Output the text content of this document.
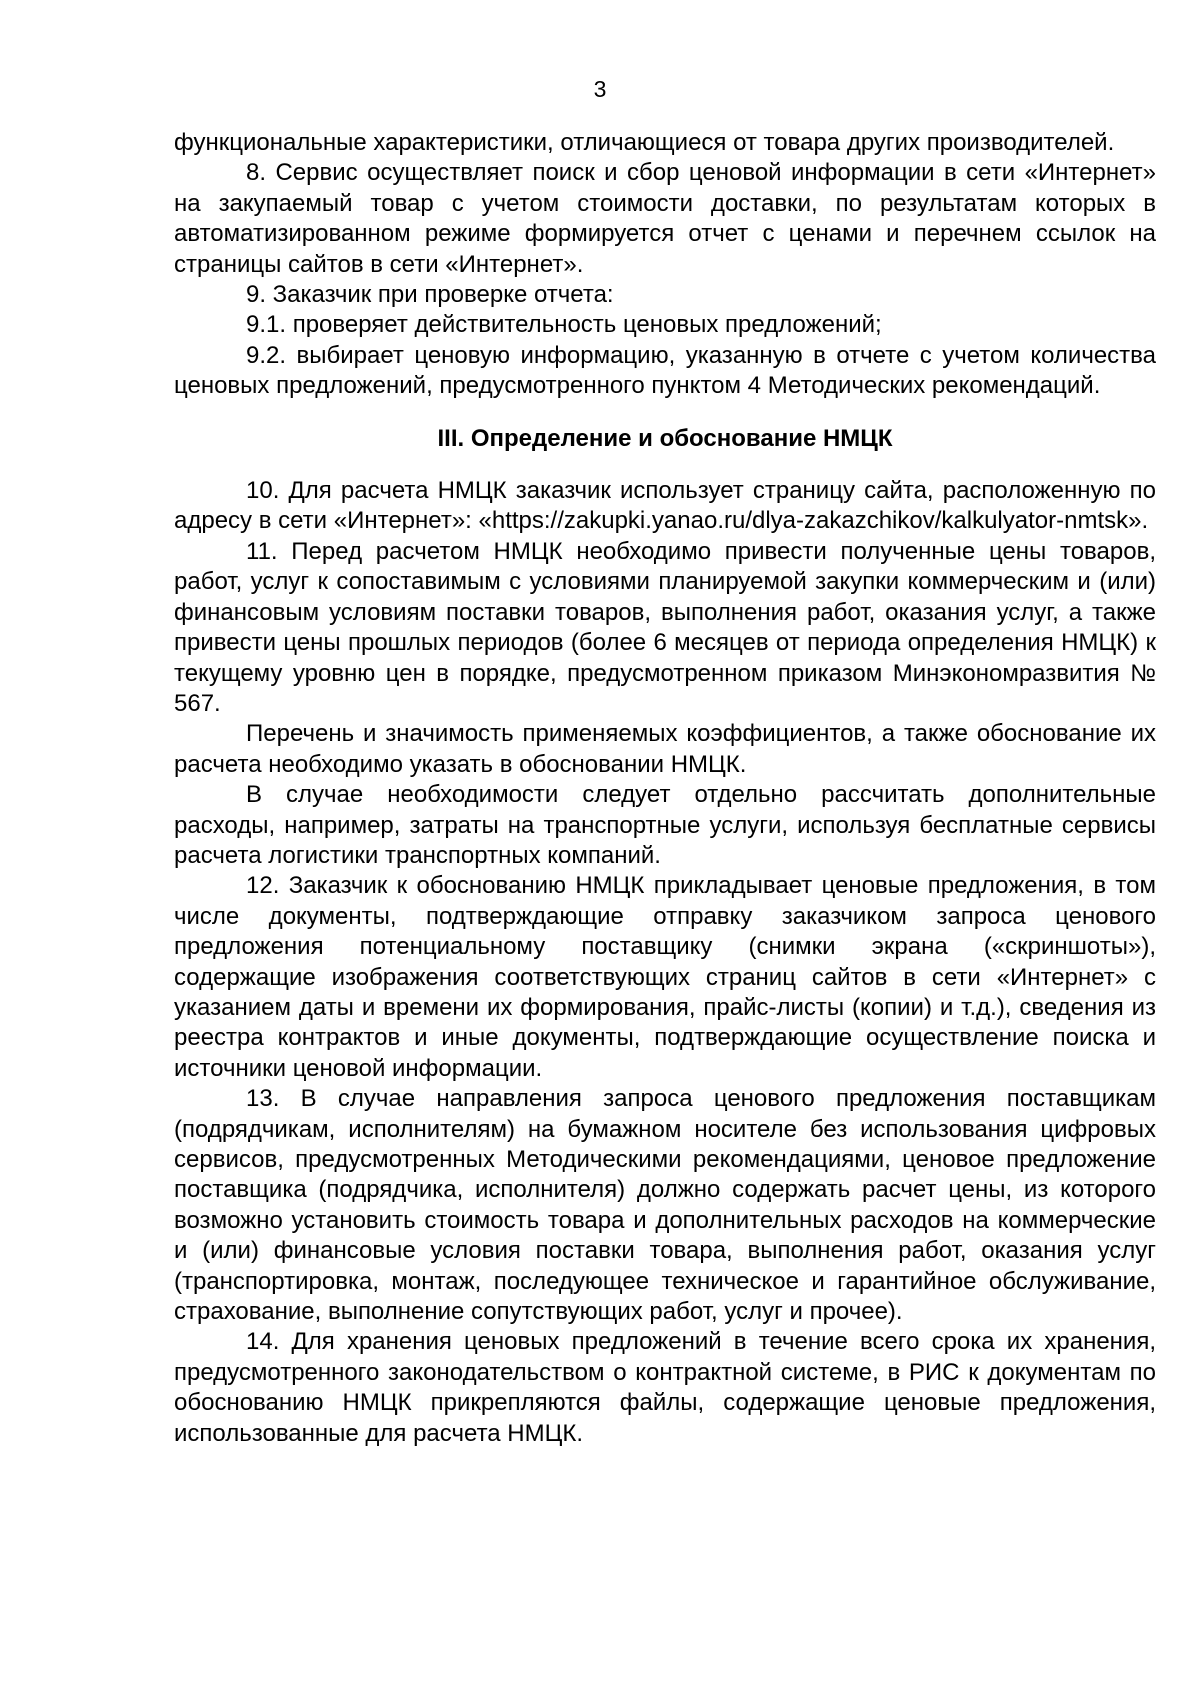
3

функциональные характеристики, отличающиеся от товара других производителей.

8. Сервис осуществляет поиск и сбор ценовой информации в сети «Интернет» на закупаемый товар с учетом стоимости доставки, по результатам которых в автоматизированном режиме формируется отчет с ценами и перечнем ссылок на страницы сайтов в сети «Интернет».

9. Заказчик при проверке отчета:

9.1. проверяет действительность ценовых предложений;

9.2. выбирает ценовую информацию, указанную в отчете с учетом количества ценовых предложений, предусмотренного пунктом 4 Методических рекомендаций.

III. Определение и обоснование НМЦК

10. Для расчета НМЦК заказчик использует страницу сайта, расположенную по адресу в сети «Интернет»: «https://zakupki.yanao.ru/dlya-zakazchikov/kalkulyator-nmtsk».

11. Перед расчетом НМЦК необходимо привести полученные цены товаров, работ, услуг к сопоставимым с условиями планируемой закупки коммерческим и (или) финансовым условиям поставки товаров, выполнения работ, оказания услуг, а также привести цены прошлых периодов (более 6 месяцев от периода определения НМЦК) к текущему уровню цен в порядке, предусмотренном приказом Минэкономразвития № 567.

Перечень и значимость применяемых коэффициентов, а также обоснование их расчета необходимо указать в обосновании НМЦК.

В случае необходимости следует отдельно рассчитать дополнительные расходы, например, затраты на транспортные услуги, используя бесплатные сервисы расчета логистики транспортных компаний.

12. Заказчик к обоснованию НМЦК прикладывает ценовые предложения, в том числе документы, подтверждающие отправку заказчиком запроса ценового предложения потенциальному поставщику (снимки экрана («скриншоты»), содержащие изображения соответствующих страниц сайтов в сети «Интернет» с указанием даты и времени их формирования, прайс-листы (копии) и т.д.), сведения из реестра контрактов и иные документы, подтверждающие осуществление поиска и источники ценовой информации.

13. В случае направления запроса ценового предложения поставщикам (подрядчикам, исполнителям) на бумажном носителе без использования цифровых сервисов, предусмотренных Методическими рекомендациями, ценовое предложение поставщика (подрядчика, исполнителя) должно содержать расчет цены, из которого возможно установить стоимость товара и дополнительных расходов на коммерческие и (или) финансовые условия поставки товара, выполнения работ, оказания услуг (транспортировка, монтаж, последующее техническое и гарантийное обслуживание, страхование, выполнение сопутствующих работ, услуг и прочее).

14. Для хранения ценовых предложений в течение всего срока их хранения, предусмотренного законодательством о контрактной системе, в РИС к документам по обоснованию НМЦК прикрепляются файлы, содержащие ценовые предложения, использованные для расчета НМЦК.
